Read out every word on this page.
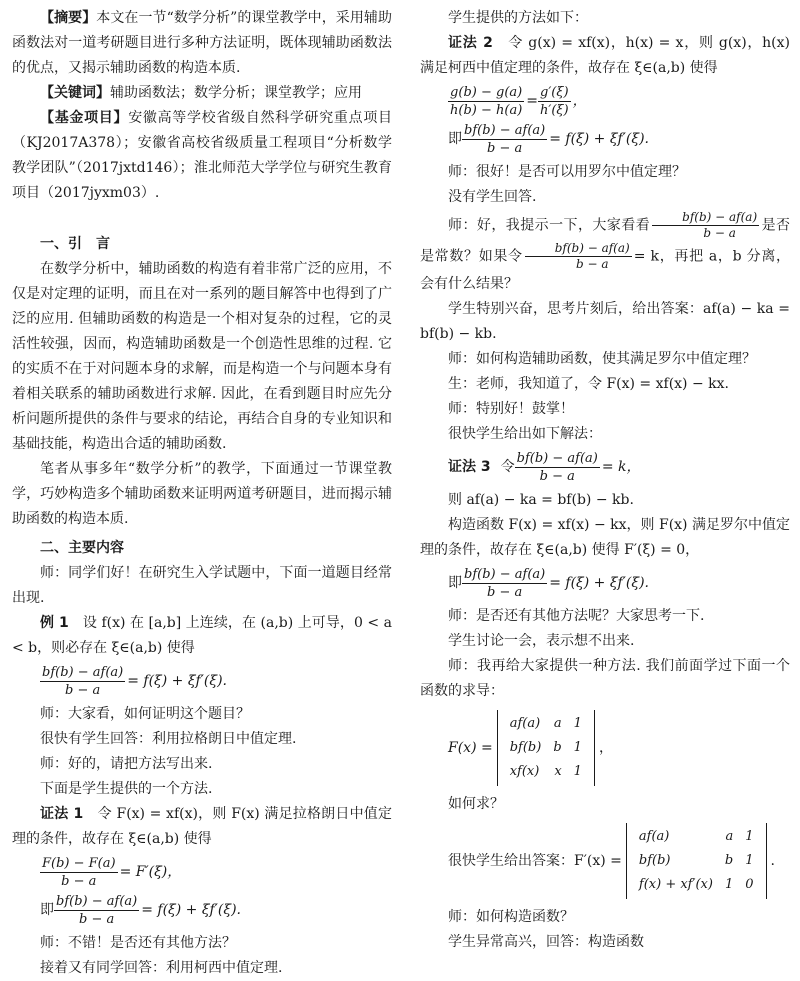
【摘要】本文在一节“数学分析”的课堂教学中，采用辅助函数法对一道考研题目进行多种方法证明，既体现辅助函数法的优点，又揭示辅助函数的构造本质.

【关键词】辅助函数法；数学分析；课堂教学；应用

【基金项目】安徽高等学校省级自然科学研究重点项目（KJ2017A378）；安徽省高校省级质量工程项目“分析数学教学团队”（2017jxtd146）；淮北师范大学学位与研究生教育项目（2017jyxm03）.

一、引　言

在数学分析中，辅助函数的构造有着非常广泛的应用，不仅是对定理的证明，而且在对一系列的题目解答中也得到了广泛的应用. 但辅助函数的构造是一个相对复杂的过程，它的灵活性较强，因而，构造辅助函数是一个创造性思维的过程. 它的实质不在于对问题本身的求解，而是构造一个与问题本身有着相关联系的辅助函数进行求解. 因此，在看到题目时应先分析问题所提供的条件与要求的结论，再结合自身的专业知识和基础技能，构造出合适的辅助函数.

笔者从事多年“数学分析”的教学，下面通过一节课堂教学，巧妙构造多个辅助函数来证明两道考研题目，进而揭示辅助函数的构造本质.

二、主要内容

师：同学们好！在研究生入学试题中，下面一道题目经常出现.

例 1　 设 f(x) 在 [a,b] 上连续，在 (a,b) 上可导，0 < a < b，则必存在 ξ∈(a,b) 使得

$\frac{bf(b) - af(a)}{b - a} = f(\xi) + \xi f'(\xi)$.

师：大家看，如何证明这个题目？

很快有学生回答：利用拉格朗日中值定理.

师：好的，请把方法写出来.

下面是学生提供的一个方法.

证法 1　 令 F(x) = xf(x)，则 F(x) 满足拉格朗日中值定理的条件，故存在 ξ∈(a,b) 使得

$\frac{F(b) - F(a)}{b - a} = F'(\xi)$，
即 $\frac{bf(b) - af(a)}{b - a} = f(\xi) + \xi f'(\xi)$.

师：不错！是否还有其他方法？

接着又有同学回答：利用柯西中值定理.

学生提供的方法如下：

证法 2　 令 g(x) = xf(x)，h(x) = x，则 g(x)，h(x) 满足柯西中值定理的条件，故存在 ξ∈(a,b) 使得

$\frac{g(b) - g(a)}{h(b) - h(a)} = \frac{g'(\xi)}{h'(\xi)}$ ，
即 $\frac{bf(b) - af(a)}{b - a} = f(\xi) + \xi f'(\xi)$.

师：很好！是否可以用罗尔中值定理？

没有学生回答.

师：好，我提示一下，大家看看 $\frac{bf(b) - af(a)}{b - a}$ 是否是常数？如果令 $\frac{bf(b) - af(a)}{b - a} = k$，再把 a，b 分离，会有什么结果？

学生特别兴奋，思考片刻后，给出答案：af(a) − ka = bf(b) − kb.

师：如何构造辅助函数，使其满足罗尔中值定理？

生：老师，我知道了，令 F(x) = xf(x) − kx.

师：特别好！鼓掌！

很快学生给出如下解法：

证法 3 令 $\frac{bf(b) - af(a)}{b - a} = k$，

则 af(a) − ka = bf(b) − kb.

构造函数 F(x) = xf(x) − kx，则 F(x) 满足罗尔中值定理的条件，故存在 ξ∈(a,b) 使得 F′(ξ) = 0，

即 $\frac{bf(b) - af(a)}{b - a} = f(\xi) + \xi f'(\xi)$.

师：是否还有其他方法呢？大家思考一下.

学生讨论一会，表示想不出来.

师：我再给大家提供一种方法. 我们前面学过下面一个函数的求导：

F(x) =
af(a)	a	1
bf(b)	b	1
xf(x)	x	1
，

如何求？

很快学生给出答案：F′(x) =
af(a)	a	1
bf(b)	b	1
f(x) + xf′(x)	1	0
.

师：如何构造函数？

学生异常高兴，回答：构造函数
